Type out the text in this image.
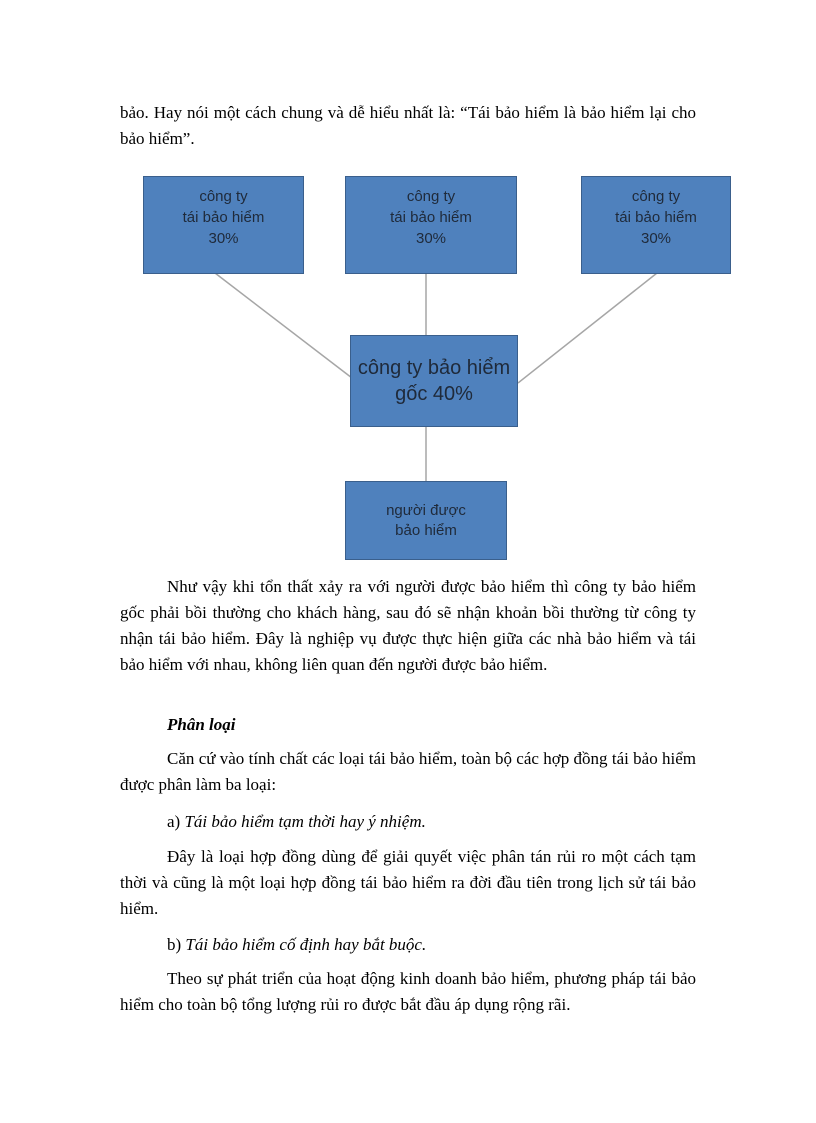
bảo. Hay nói một cách chung và dễ hiểu nhất là: “Tái bảo hiểm là bảo hiểm lại cho bảo hiểm”.

công ty
tái bảo hiểm
30%
công ty
tái bảo hiểm
30%
công ty
tái bảo hiểm
30%
công ty bảo hiểm
gốc 40%
người được
bảo hiểm

Như vậy khi tổn thất xảy ra với người được bảo hiểm thì công ty bảo hiểm gốc phải bồi thường cho khách hàng, sau đó sẽ nhận khoản bồi thường từ công ty nhận tái bảo hiểm. Đây là nghiệp vụ được thực hiện giữa các nhà bảo hiểm và tái bảo hiểm với nhau, không liên quan đến người được bảo hiểm.

Phân loại

Căn cứ vào tính chất các loại tái bảo hiểm, toàn bộ các hợp đồng tái bảo hiểm được phân làm ba loại:

a) Tái bảo hiểm tạm thời hay ý nhiệm.

Đây là loại hợp đồng dùng để giải quyết việc phân tán rủi ro một cách tạm thời và cũng là một loại hợp đồng tái bảo hiểm ra đời đầu tiên trong lịch sử tái bảo hiểm.

b) Tái bảo hiểm cố định hay bắt buộc.

Theo sự phát triển của hoạt động kinh doanh bảo hiểm, phương pháp tái bảo hiểm cho toàn bộ tổng lượng rủi ro được bắt đầu áp dụng rộng rãi.
